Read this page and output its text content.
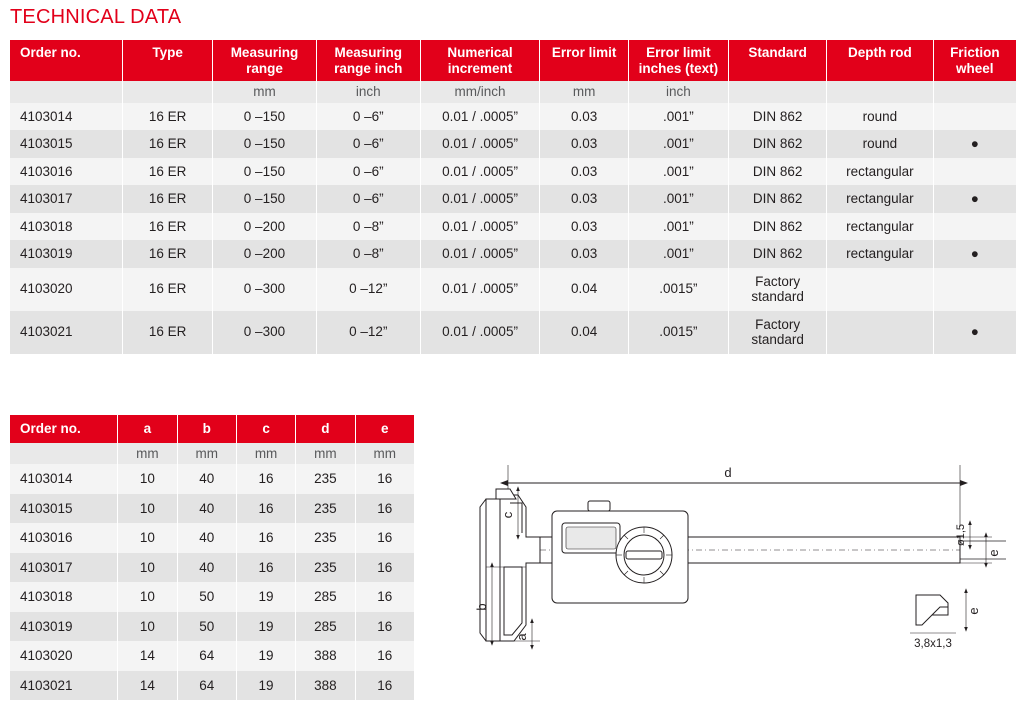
TECHNICAL DATA
Order no.	Type	Measuring range	Measuring range inch	Numerical increment	Error limit	Error limit inches (text)	Standard	Depth rod	Friction wheel
		mm	inch	mm/inch	mm	inch			
4103014	16 ER	0 –150	0 –6”	0.01 / .0005”	0.03	.001”	DIN 862	round	
4103015	16 ER	0 –150	0 –6”	0.01 / .0005”	0.03	.001”	DIN 862	round	●
4103016	16 ER	0 –150	0 –6”	0.01 / .0005”	0.03	.001”	DIN 862	rectangular	
4103017	16 ER	0 –150	0 –6”	0.01 / .0005”	0.03	.001”	DIN 862	rectangular	●
4103018	16 ER	0 –200	0 –8”	0.01 / .0005”	0.03	.001”	DIN 862	rectangular	
4103019	16 ER	0 –200	0 –8”	0.01 / .0005”	0.03	.001”	DIN 862	rectangular	●
4103020	16 ER	0 –300	0 –12”	0.01 / .0005”	0.04	.0015”	Factory standard		
4103021	16 ER	0 –300	0 –12”	0.01 / .0005”	0.04	.0015”	Factory standard		●
Order no.	a	b	c	d	e
	mm	mm	mm	mm	mm
4103014	10	40	16	235	16
4103015	10	40	16	235	16
4103016	10	40	16	235	16
4103017	10	40	16	235	16
4103018	10	50	19	285	16
4103019	10	50	19	285	16
4103020	14	64	19	388	16
4103021	14	64	19	388	16
d
b
c
a
e
ø1,5
e
3,8x1,3
